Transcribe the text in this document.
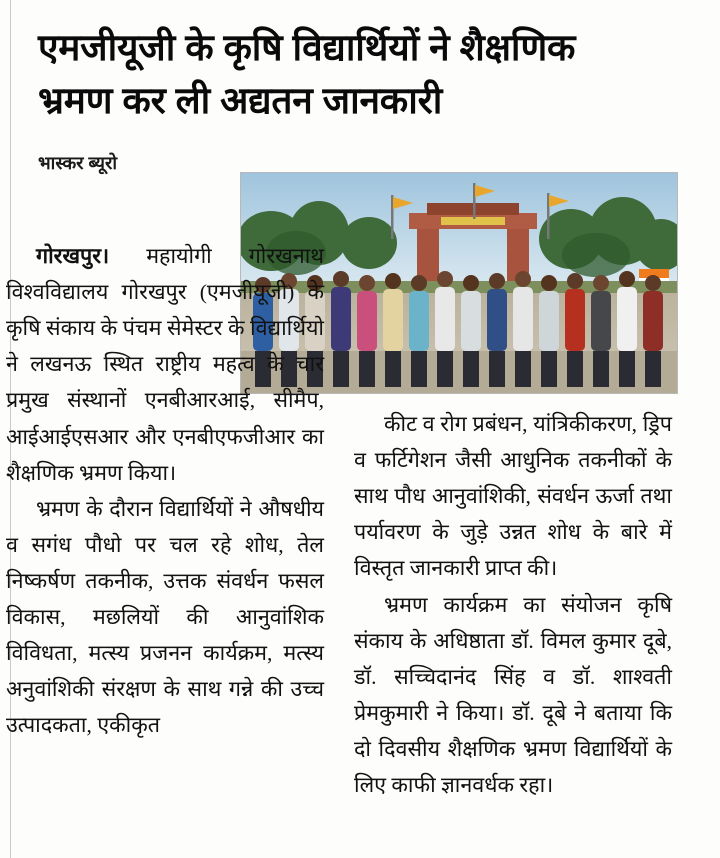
एमजीयूजी के कृषि विद्यार्थियों ने शैक्षणिक
भ्रमण कर ली अद्यतन जानकारी
भास्कर ब्यूरो

गोरखपुर। महायोगी गोरखनाथ विश्वविद्यालय गोरखपुर (एमजीयूजी) के कृषि संकाय के पंचम सेमेस्टर के विद्यार्थियो ने लखनऊ स्थित राष्ट्रीय महत्व के चार प्रमुख संस्थानों एनबीआरआई, सीमैप, आईआईएसआर और एनबीएफजीआर का शैक्षणिक भ्रमण किया।

भ्रमण के दौरान विद्यार्थियों ने औषधीय व सगंध पौधो पर चल रहे शोध, तेल निष्कर्षण तकनीक, उत्तक संवर्धन फसल विकास, मछलियों की आनुवांशिक विविधता, मत्स्य प्रजनन कार्यक्रम, मत्स्य अनुवांशिकी संरक्षण के साथ गन्ने की उच्च उत्पादकता, एकीकृत

कीट व रोग प्रबंधन, यांत्रिकीकरण, ड्रिप व फर्टिगेशन जैसी आधुनिक तकनीकों के साथ पौध आनुवांशिकी, संवर्धन ऊर्जा तथा पर्यावरण के जुड़े उन्नत शोध के बारे में विस्तृत जानकारी प्राप्त की।

भ्रमण कार्यक्रम का संयोजन कृषि संकाय के अधिष्ठाता डॉ. विमल कुमार दूबे, डॉ. सच्चिदानंद सिंह व डॉ. शाश्वती प्रेमकुमारी ने किया। डॉ. दूबे ने बताया कि दो दिवसीय शैक्षणिक भ्रमण विद्यार्थियों के लिए काफी ज्ञानवर्धक रहा।
